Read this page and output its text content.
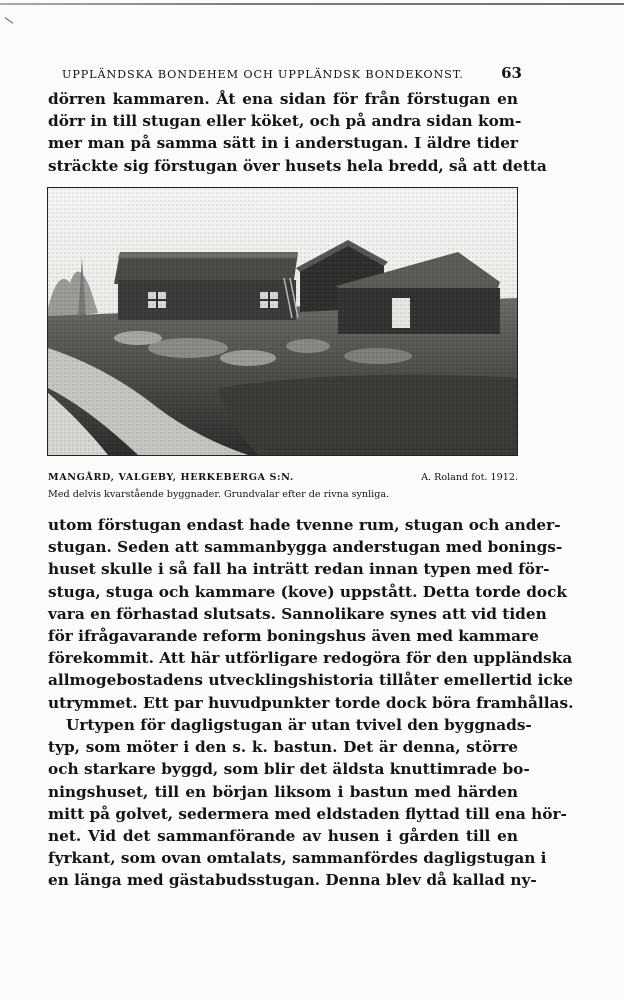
UPPLÄNDSKA BONDEHEM OCH UPPLÄNDSK BONDEKONST. 63

dörren kammaren. Åt ena sidan för från förstugan en
dörr in till stugan eller köket, och på andra sidan kom-
mer man på samma sätt in i anderstugan. I äldre tider
sträckte sig förstugan över husets hela bredd, så att detta

MANGÅRD, VALGEBY, HERKEBERGA S:N.	A. Roland fot. 1912.
Med delvis kvarstående byggnader. Grundvalar efter de rivna synliga.

utom förstugan endast hade tvenne rum, stugan och ander-
stugan. Seden att sammanbygga anderstugan med bonings-
huset skulle i så fall ha inträtt redan innan typen med för-
stuga, stuga och kammare (kove) uppstått. Detta torde dock
vara en förhastad slutsats. Sannolikare synes att vid tiden
för ifrågavarande reform boningshus även med kammare
förekommit. Att här utförligare redogöra för den uppländska
allmogebostadens utvecklingshistoria tillåter emellertid icke
utrymmet. Ett par huvudpunkter torde dock böra framhållas.

Urtypen för dagligstugan är utan tvivel den byggnads-
typ, som möter i den s. k. bastun. Det är denna, större
och starkare byggd, som blir det äldsta knuttimrade bo-
ningshuset, till en början liksom i bastun med härden
mitt på golvet, sedermera med eldstaden flyttad till ena hör-
net. Vid det sammanförande av husen i gården till en
fyrkant, som ovan omtalats, sammanfördes dagligstugan i
en länga med gästabudsstugan. Denna blev då kallad ny-
